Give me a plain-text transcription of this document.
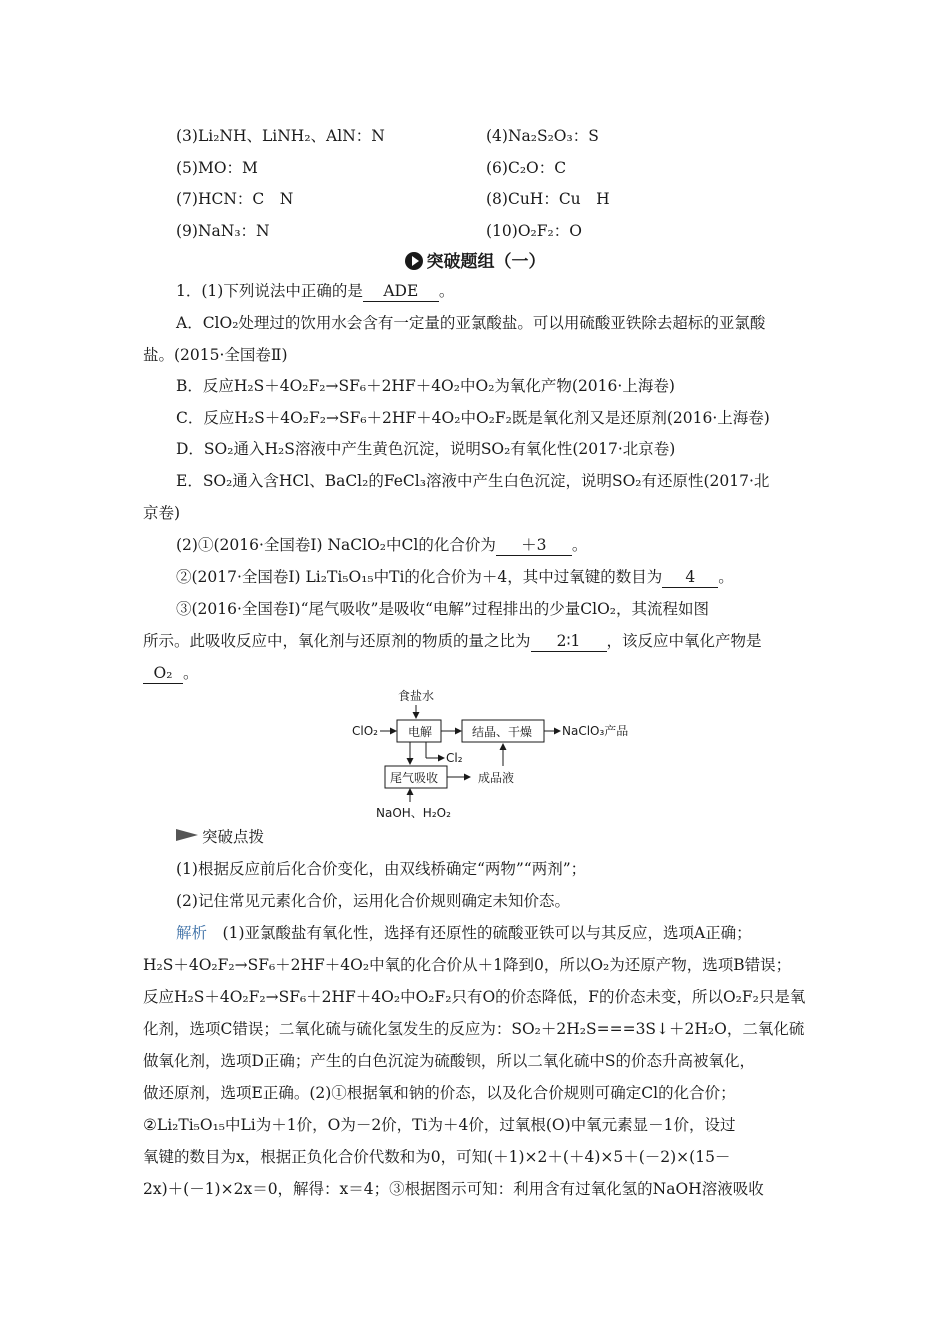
(3)Li₂NH、LiNH₂、AlN：N	(4)Na₂S₂O₃：S
(5)MO：M	(6)C₂O：C
(7)HCN：C　N	(8)CuH：Cu　H
(9)NaN₃：N	(10)O₂F₂：O
突破题组（一）
1．(1)下列说法中正确的是 ADE 。
A．ClO₂处理过的饮用水会含有一定量的亚氯酸盐。可以用硫酸亚铁除去超标的亚氯酸
盐。(2015·全国卷Ⅱ)
B．反应H₂S＋4O₂F₂→SF₆＋2HF＋4O₂中O₂为氧化产物(2016·上海卷)
C．反应H₂S＋4O₂F₂→SF₆＋2HF＋4O₂中O₂F₂既是氧化剂又是还原剂(2016·上海卷)
D．SO₂通入H₂S溶液中产生黄色沉淀，说明SO₂有氧化性(2017·北京卷)
E．SO₂通入含HCl、BaCl₂的FeCl₃溶液中产生白色沉淀，说明SO₂有还原性(2017·北
京卷)
(2)①(2016·全国卷Ⅰ) NaClO₂中Cl的化合价为 ＋3 。
②(2017·全国卷Ⅰ) Li₂Ti₅O₁₅中Ti的化合价为＋4，其中过氧键的数目为 4 。
③(2016·全国卷Ⅰ)“尾气吸收”是吸收“电解”过程排出的少量ClO₂，其流程如图
所示。此吸收反应中，氧化剂与还原剂的物质的量之比为 2∶1 ，该反应中氧化产物是
O₂ 。
食盐水
ClO₂	电解	结晶、干燥 NaClO₃产品
Cl₂
尾气吸收	成品液
NaOH、H₂O₂
突破点拨
(1)根据反应前后化合价变化，由双线桥确定“两物”“两剂”；
(2)记住常见元素化合价，运用化合价规则确定未知价态。
解析　 (1)亚氯酸盐有氧化性，选择有还原性的硫酸亚铁可以与其反应，选项A正确；
H₂S＋4O₂F₂→SF₆＋2HF＋4O₂中氧的化合价从＋1降到0，所以O₂为还原产物，选项B错误；
反应H₂S＋4O₂F₂→SF₆＋2HF＋4O₂中O₂F₂只有O的价态降低，F的价态未变，所以O₂F₂只是氧
化剂，选项C错误；二氧化硫与硫化氢发生的反应为：SO₂＋2H₂S===3S↓＋2H₂O，二氧化硫
做氧化剂，选项D正确；产生的白色沉淀为硫酸钡，所以二氧化硫中S的价态升高被氧化，
做还原剂，选项E正确。(2)①根据氧和钠的价态，以及化合价规则可确定Cl的化合价；
②Li₂Ti₅O₁₅中Li为＋1价，O为－2价，Ti为＋4价，过氧根(O)中氧元素显－1价，设过
氧键的数目为x，根据正负化合价代数和为0，可知(＋1)×2＋(＋4)×5＋(－2)×(15－
2x)＋(－1)×2x＝0，解得：x＝4；③根据图示可知：利用含有过氧化氢的NaOH溶液吸收
